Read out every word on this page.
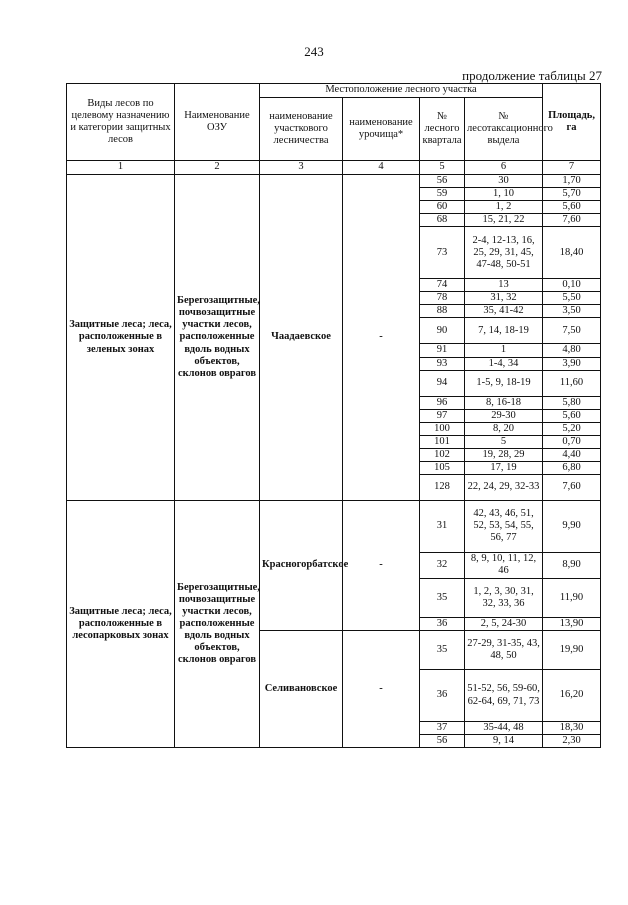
243
продолжение таблицы 27
Виды лесов по целевому назначению и категории защитных лесов	Наименование ОЗУ	Местоположение лесного участка				Площадь, га
		наименование участкового лесничества	наименование урочища*	№ лесного квартала	№ лесотаксационного выдела	
1	2	3	4	5	6	7
Защитные леса; леса, расположенные в зеленых зонах	Берегозащитные, почвозащитные участки лесов, расположенные вдоль водных объектов, склонов оврагов	Чаадаевское	-	56	30	1,70
				59	1, 10	5,70
				60	1, 2	5,60
				68	15, 21, 22	7,60
				73	2-4, 12-13, 16, 25, 29, 31, 45, 47-48, 50-51	18,40
				74	13	0,10
				78	31, 32	5,50
				88	35, 41-42	3,50
				90	7, 14, 18-19	7,50
				91	1	4,80
				93	1-4, 34	3,90
				94	1-5, 9, 18-19	11,60
				96	8, 16-18	5,80
				97	29-30	5,60
				100	8, 20	5,20
				101	5	0,70
				102	19, 28, 29	4,40
				105	17, 19	6,80
				128	22, 24, 29, 32-33	7,60
Защитные леса; леса, расположенные в лесопарковых зонах	Берегозащитные, почвозащитные участки лесов, расположенные вдоль водных объектов, склонов оврагов	Красногорбатское	-	31	42, 43, 46, 51, 52, 53, 54, 55, 56, 77	9,90
				32	8, 9, 10, 11, 12, 46	8,90
				35	1, 2, 3, 30, 31, 32, 33, 36	11,90
				36	2, 5, 24-30	13,90
		Селивановское	-	35	27-29, 31-35, 43, 48, 50	19,90
				36	51-52, 56, 59-60, 62-64, 69, 71, 73	16,20
				37	35-44, 48	18,30
				56	9, 14	2,30
